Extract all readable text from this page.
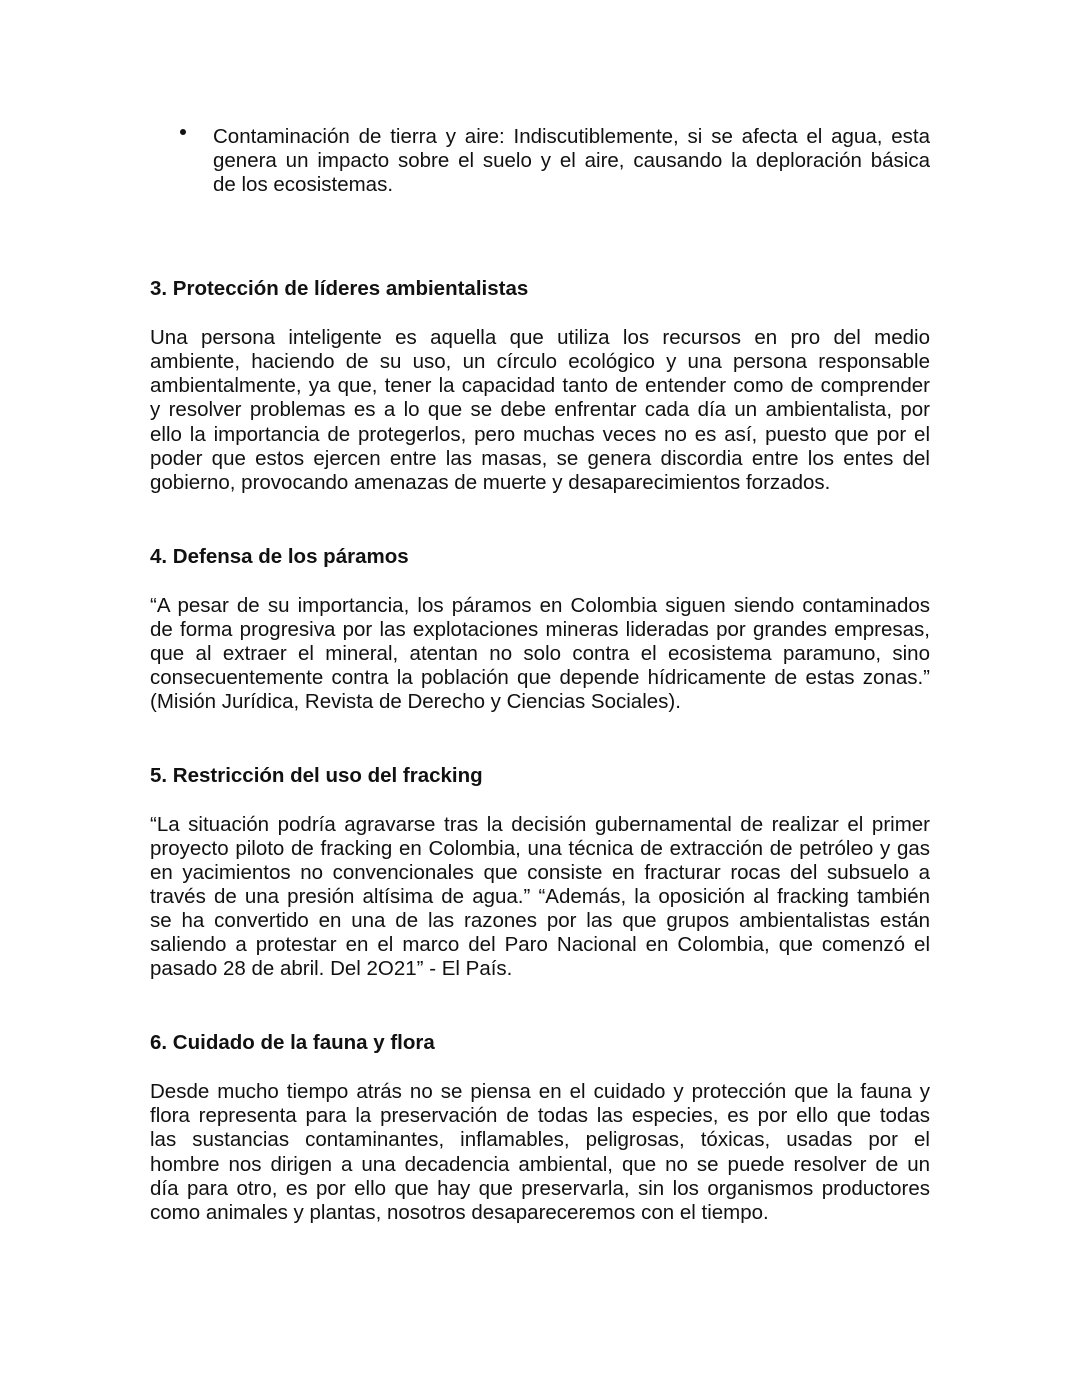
Contaminación de tierra y aire: Indiscutiblemente, si se afecta el agua, esta
genera un impacto sobre el suelo y el aire, causando la deploración básica
de los ecosistemas.
3. Protección de líderes ambientalistas
Una persona inteligente es aquella que utiliza los recursos en pro del medio
ambiente, haciendo de su uso, un círculo ecológico y una persona responsable
ambientalmente, ya que, tener la capacidad tanto de entender como de comprender
y resolver problemas es a lo que se debe enfrentar cada día un ambientalista, por
ello la importancia de protegerlos, pero muchas veces no es así, puesto que por el
poder que estos ejercen entre las masas, se genera discordia entre los entes del
gobierno, provocando amenazas de muerte y desaparecimientos forzados.
4. Defensa de los páramos
“A pesar de su importancia, los páramos en Colombia siguen siendo contaminados
de forma progresiva por las explotaciones mineras lideradas por grandes empresas,
que al extraer el mineral, atentan no solo contra el ecosistema paramuno, sino
consecuentemente contra la población que depende hídricamente de estas zonas.”
(Misión Jurídica, Revista de Derecho y Ciencias Sociales).
5. Restricción del uso del fracking
“La situación podría agravarse tras la decisión gubernamental de realizar el primer
proyecto piloto de fracking en Colombia, una técnica de extracción de petróleo y gas
en yacimientos no convencionales que consiste en fracturar rocas del subsuelo a
través de una presión altísima de agua.” “Además, la oposición al fracking también
se ha convertido en una de las razones por las que grupos ambientalistas están
saliendo a protestar en el marco del Paro Nacional en Colombia, que comenzó el
pasado 28 de abril. Del 2O21” - El País.
6. Cuidado de la fauna y flora
Desde mucho tiempo atrás no se piensa en el cuidado y protección que la fauna y
flora representa para la preservación de todas las especies, es por ello que todas
las sustancias contaminantes, inflamables, peligrosas, tóxicas, usadas por el
hombre nos dirigen a una decadencia ambiental, que no se puede resolver de un
día para otro, es por ello que hay que preservarla, sin los organismos productores
como animales y plantas, nosotros desapareceremos con el tiempo.
